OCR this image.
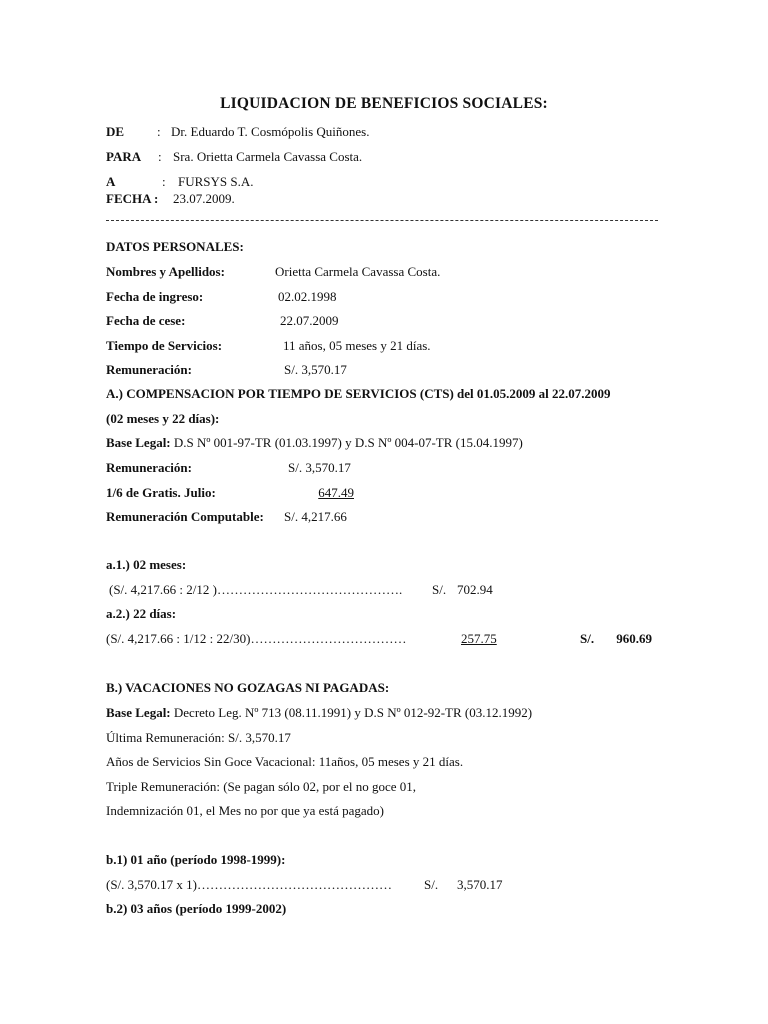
LIQUIDACION DE BENEFICIOS SOCIALES:
DE	: Dr. Eduardo T. Cosmópolis Quiñones.
PARA : Sra. Orietta Carmela Cavassa Costa.
A	: FURSYS S.A.
FECHA : 23.07.2009.
DATOS PERSONALES:
Nombres y Apellidos:	Orietta Carmela Cavassa Costa.
Fecha de ingreso:	02.02.1998
Fecha de cese:	22.07.2009
Tiempo de Servicios:	11 años, 05 meses y 21 días.
Remuneración:	S/. 3,570.17
A.) COMPENSACION POR TIEMPO DE SERVICIOS (CTS) del 01.05.2009 al 22.07.2009
(02 meses y 22 días):
Base Legal: D.S Nº 001-97-TR (01.03.1997) y D.S Nº 004-07-TR (15.04.1997)
Remuneración:	S/. 3,570.17
1/6 de Gratis. Julio:	647.49
Remuneración Computable: S/. 4,217.66
a.1.) 02 meses:
(S/. 4,217.66 : 2/12 )……………………………………. S/. 702.94
a.2.) 22 días:
(S/. 4,217.66 : 1/12 : 22/30)………………………………	257.75	S/. 960.69
B.) VACACIONES NO GOZAGAS NI PAGADAS:
Base Legal: Decreto Leg. Nº 713 (08.11.1991) y D.S Nº 012-92-TR (03.12.1992)
Última Remuneración: S/. 3,570.17
Años de Servicios Sin Goce Vacacional: 11años, 05 meses y 21 días.
Triple Remuneración: (Se pagan sólo 02, por el no goce 01,
Indemnización 01, el Mes no por que ya está pagado)
b.1) 01 año (período 1998-1999):
(S/. 3,570.17 x 1)……………………………………… S/. 3,570.17
b.2) 03 años (período 1999-2002)
